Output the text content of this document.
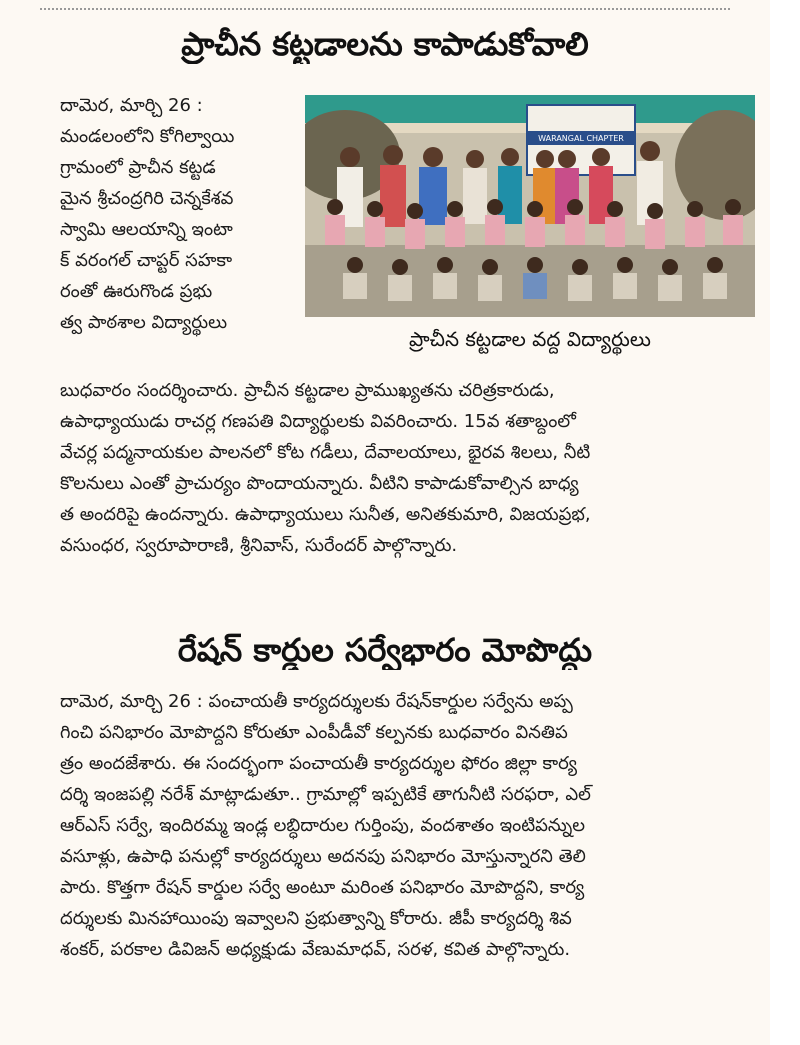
ప్రాచీన కట్టడాలను కాపాడుకోవాలి
దామెర, మార్చి 26 :
మండలంలోని కోగిల్వాయి
గ్రామంలో ప్రాచీన కట్టడ
మైన శ్రీచంద్రగిరి చెన్నకేశవ
స్వామి ఆలయాన్ని ఇంటా
క్ వరంగల్ చాప్టర్ సహకా
రంతో ఊరుగొండ ప్రభు
త్వ పాఠశాల విద్యార్థులు
WARANGAL CHAPTER
ప్రాచీన కట్టడాల వద్ద విద్యార్థులు
బుధవారం సందర్శించారు. ప్రాచీన కట్టడాల ప్రాముఖ్యతను చరిత్రకారుడు,
ఉపాధ్యాయుడు రాచర్ల గణపతి విద్యార్థులకు వివరించారు. 15వ శతాబ్దంలో
వేచర్ల పద్మనాయకుల పాలనలో కోట గడీలు, దేవాలయాలు, భైరవ శిలలు, నీటి
కొలనులు ఎంతో ప్రాచుర్యం పొందాయన్నారు. వీటిని కాపాడుకోవాల్సిన బాధ్య
త అందరిపై ఉందన్నారు. ఉపాధ్యాయులు సునీత, అనితకుమారి, విజయప్రభ,
వసుంధర, స్వరూపారాణి, శ్రీనివాస్, సురేందర్ పాల్గొన్నారు.
రేషన్ కార్డుల సర్వేభారం మోపొద్దు
దామెర, మార్చి 26 : పంచాయతీ కార్యదర్శులకు రేషన్‌కార్డుల సర్వేను అప్ప
గించి పనిభారం మోపొద్దని కోరుతూ ఎంపీడీవో కల్పనకు బుధవారం వినతిప
త్రం అందజేశారు. ఈ సందర్భంగా పంచాయతీ కార్యదర్శుల ఫోరం జిల్లా కార్య
దర్శి ఇంజపల్లి నరేశ్ మాట్లాడుతూ.. గ్రామాల్లో ఇప్పటికే తాగునీటి సరఫరా, ఎల్
ఆర్ఎస్ సర్వే, ఇందిరమ్మ ఇండ్ల లబ్ధిదారుల గుర్తింపు, వందశాతం ఇంటిపన్నుల
వసూళ్లు, ఉపాధి పనుల్లో కార్యదర్శులు అదనపు పనిభారం మోస్తున్నారని తెలి
పారు. కొత్తగా రేషన్ కార్డుల సర్వే అంటూ మరింత పనిభారం మోపొద్దని, కార్య
దర్శులకు మినహాయింపు ఇవ్వాలని ప్రభుత్వాన్ని కోరారు. జీపీ కార్యదర్శి శివ
శంకర్, పరకాల డివిజన్ అధ్యక్షుడు వేణుమాధవ్, సరళ, కవిత పాల్గొన్నారు.
